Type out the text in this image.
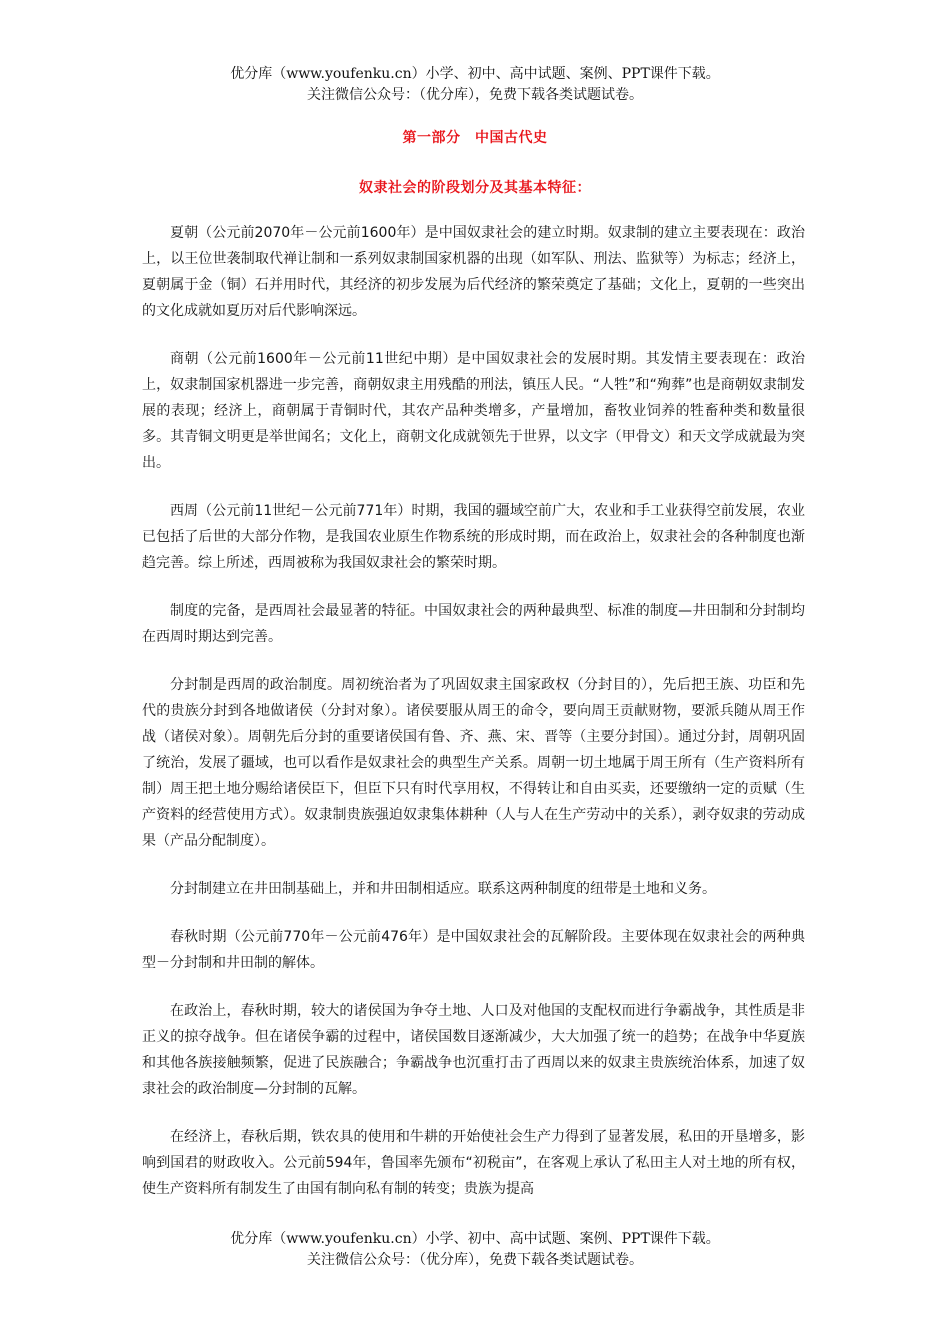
优分库（www.youfenku.cn）小学、初中、高中试题、案例、PPT课件下载。
关注微信公众号：（优分库），免费下载各类试题试卷。
第一部分　中国古代史
奴隶社会的阶段划分及其基本特征：

夏朝（公元前2070年－公元前1600年）是中国奴隶社会的建立时期。奴隶制的建立主要表现在：政治上，以王位世袭制取代禅让制和一系列奴隶制国家机器的出现（如军队、刑法、监狱等）为标志；经济上，夏朝属于金（铜）石并用时代，其经济的初步发展为后代经济的繁荣奠定了基础；文化上，夏朝的一些突出的文化成就如夏历对后代影响深远。

商朝（公元前1600年－公元前11世纪中期）是中国奴隶社会的发展时期。其发情主要表现在：政治上，奴隶制国家机器进一步完善，商朝奴隶主用残酷的刑法，镇压人民。“人牲”和“殉葬”也是商朝奴隶制发展的表现；经济上，商朝属于青铜时代，其农产品种类增多，产量增加，畜牧业饲养的牲畜种类和数量很多。其青铜文明更是举世闻名；文化上，商朝文化成就领先于世界，以文字（甲骨文）和天文学成就最为突出。

西周（公元前11世纪－公元前771年）时期，我国的疆域空前广大，农业和手工业获得空前发展，农业已包括了后世的大部分作物，是我国农业原生作物系统的形成时期，而在政治上，奴隶社会的各种制度也渐趋完善。综上所述，西周被称为我国奴隶社会的繁荣时期。

制度的完备，是西周社会最显著的特征。中国奴隶社会的两种最典型、标准的制度—井田制和分封制均在西周时期达到完善。

分封制是西周的政治制度。周初统治者为了巩固奴隶主国家政权（分封目的），先后把王族、功臣和先代的贵族分封到各地做诸侯（分封对象）。诸侯要服从周王的命令，要向周王贡献财物，要派兵随从周王作战（诸侯对象）。周朝先后分封的重要诸侯国有鲁、齐、燕、宋、晋等（主要分封国）。通过分封，周朝巩固了统治，发展了疆域，也可以看作是奴隶社会的典型生产关系。周朝一切土地属于周王所有（生产资料所有制）周王把土地分赐给诸侯臣下，但臣下只有时代享用权，不得转让和自由买卖，还要缴纳一定的贡赋（生产资料的经营使用方式）。奴隶制贵族强迫奴隶集体耕种（人与人在生产劳动中的关系），剥夺奴隶的劳动成果（产品分配制度）。

分封制建立在井田制基础上，并和井田制相适应。联系这两种制度的纽带是土地和义务。

春秋时期（公元前770年－公元前476年）是中国奴隶社会的瓦解阶段。主要体现在奴隶社会的两种典型－分封制和井田制的解体。

在政治上，春秋时期，较大的诸侯国为争夺土地、人口及对他国的支配权而进行争霸战争，其性质是非正义的掠夺战争。但在诸侯争霸的过程中，诸侯国数目逐渐减少，大大加强了统一的趋势；在战争中华夏族和其他各族接触频繁，促进了民族融合；争霸战争也沉重打击了西周以来的奴隶主贵族统治体系，加速了奴隶社会的政治制度—分封制的瓦解。

在经济上，春秋后期，铁农具的使用和牛耕的开始使社会生产力得到了显著发展，私田的开垦增多，影响到国君的财政收入。公元前594年，鲁国率先颁布“初税亩”，在客观上承认了私田主人对土地的所有权，使生产资料所有制发生了由国有制向私有制的转变；贵族为提高

优分库（www.youfenku.cn）小学、初中、高中试题、案例、PPT课件下载。
关注微信公众号：（优分库），免费下载各类试题试卷。
